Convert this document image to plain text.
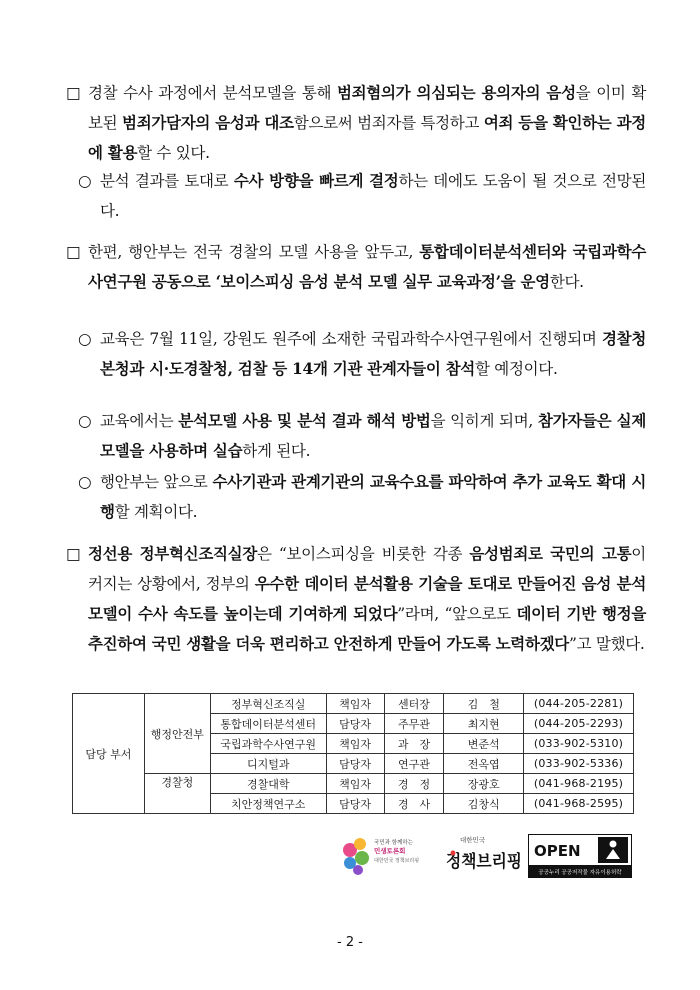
□ 경찰 수사 과정에서 분석모델을 통해 범죄혐의가 의심되는 용의자의 음성을 이미 확보된 범죄가담자의 음성과 대조함으로써 범죄자를 특정하고 여죄 등을 확인하는 과정에 활용할 수 있다.
○ 분석 결과를 토대로 수사 방향을 빠르게 결정하는 데에도 도움이 될 것으로 전망된다.
□ 한편, 행안부는 전국 경찰의 모델 사용을 앞두고, 통합데이터분석센터와 국립과학수사연구원 공동으로 ‘보이스피싱 음성 분석 모델 실무 교육과정’을 운영한다.
○ 교육은 7월 11일, 강원도 원주에 소재한 국립과학수사연구원에서 진행되며 경찰청 본청과 시·도경찰청, 검찰 등 14개 기관 관계자들이 참석할 예정이다.
○ 교육에서는 분석모델 사용 및 분석 결과 해석 방법을 익히게 되며, 참가자들은 실제 모델을 사용하며 실습하게 된다.
○ 행안부는 앞으로 수사기관과 관계기관의 교육수요를 파악하여 추가 교육도 확대 시행할 계획이다.
□ 정선용 정부혁신조직실장은 “보이스피싱을 비롯한 각종 음성범죄로 국민의 고통이 커지는 상황에서, 정부의 우수한 데이터 분석활용 기술을 토대로 만들어진 음성 분석모델이 수사 속도를 높이는데 기여하게 되었다”라며, “앞으로도 데이터 기반 행정을 추진하여 국민 생활을 더욱 편리하고 안전하게 만들어 가도록 노력하겠다”고 말했다.
담당 부서	행정안전부	정부혁신조직실	책임자	센터장	김　철	(044-205-2281)
		통합데이터분석센터	담당자	주무관	최지현	(044-205-2293)
		국립과학수사연구원	책임자	과　장	변준석	(033-902-5310)
		디지털과	담당자	연구관	전옥엽	(033-902-5336)
	경찰청	경찰대학	책임자	경　정	장광호	(041-968-2195)
		치안정책연구소	담당자	경　사	김창식	(041-968-2595)
국민과 함께하는
민생토론회
대한민국 정책브리핑
대한민국
정책브리핑
OPEN
공공누리 공공저작물 자유이용허락
- 2 -
